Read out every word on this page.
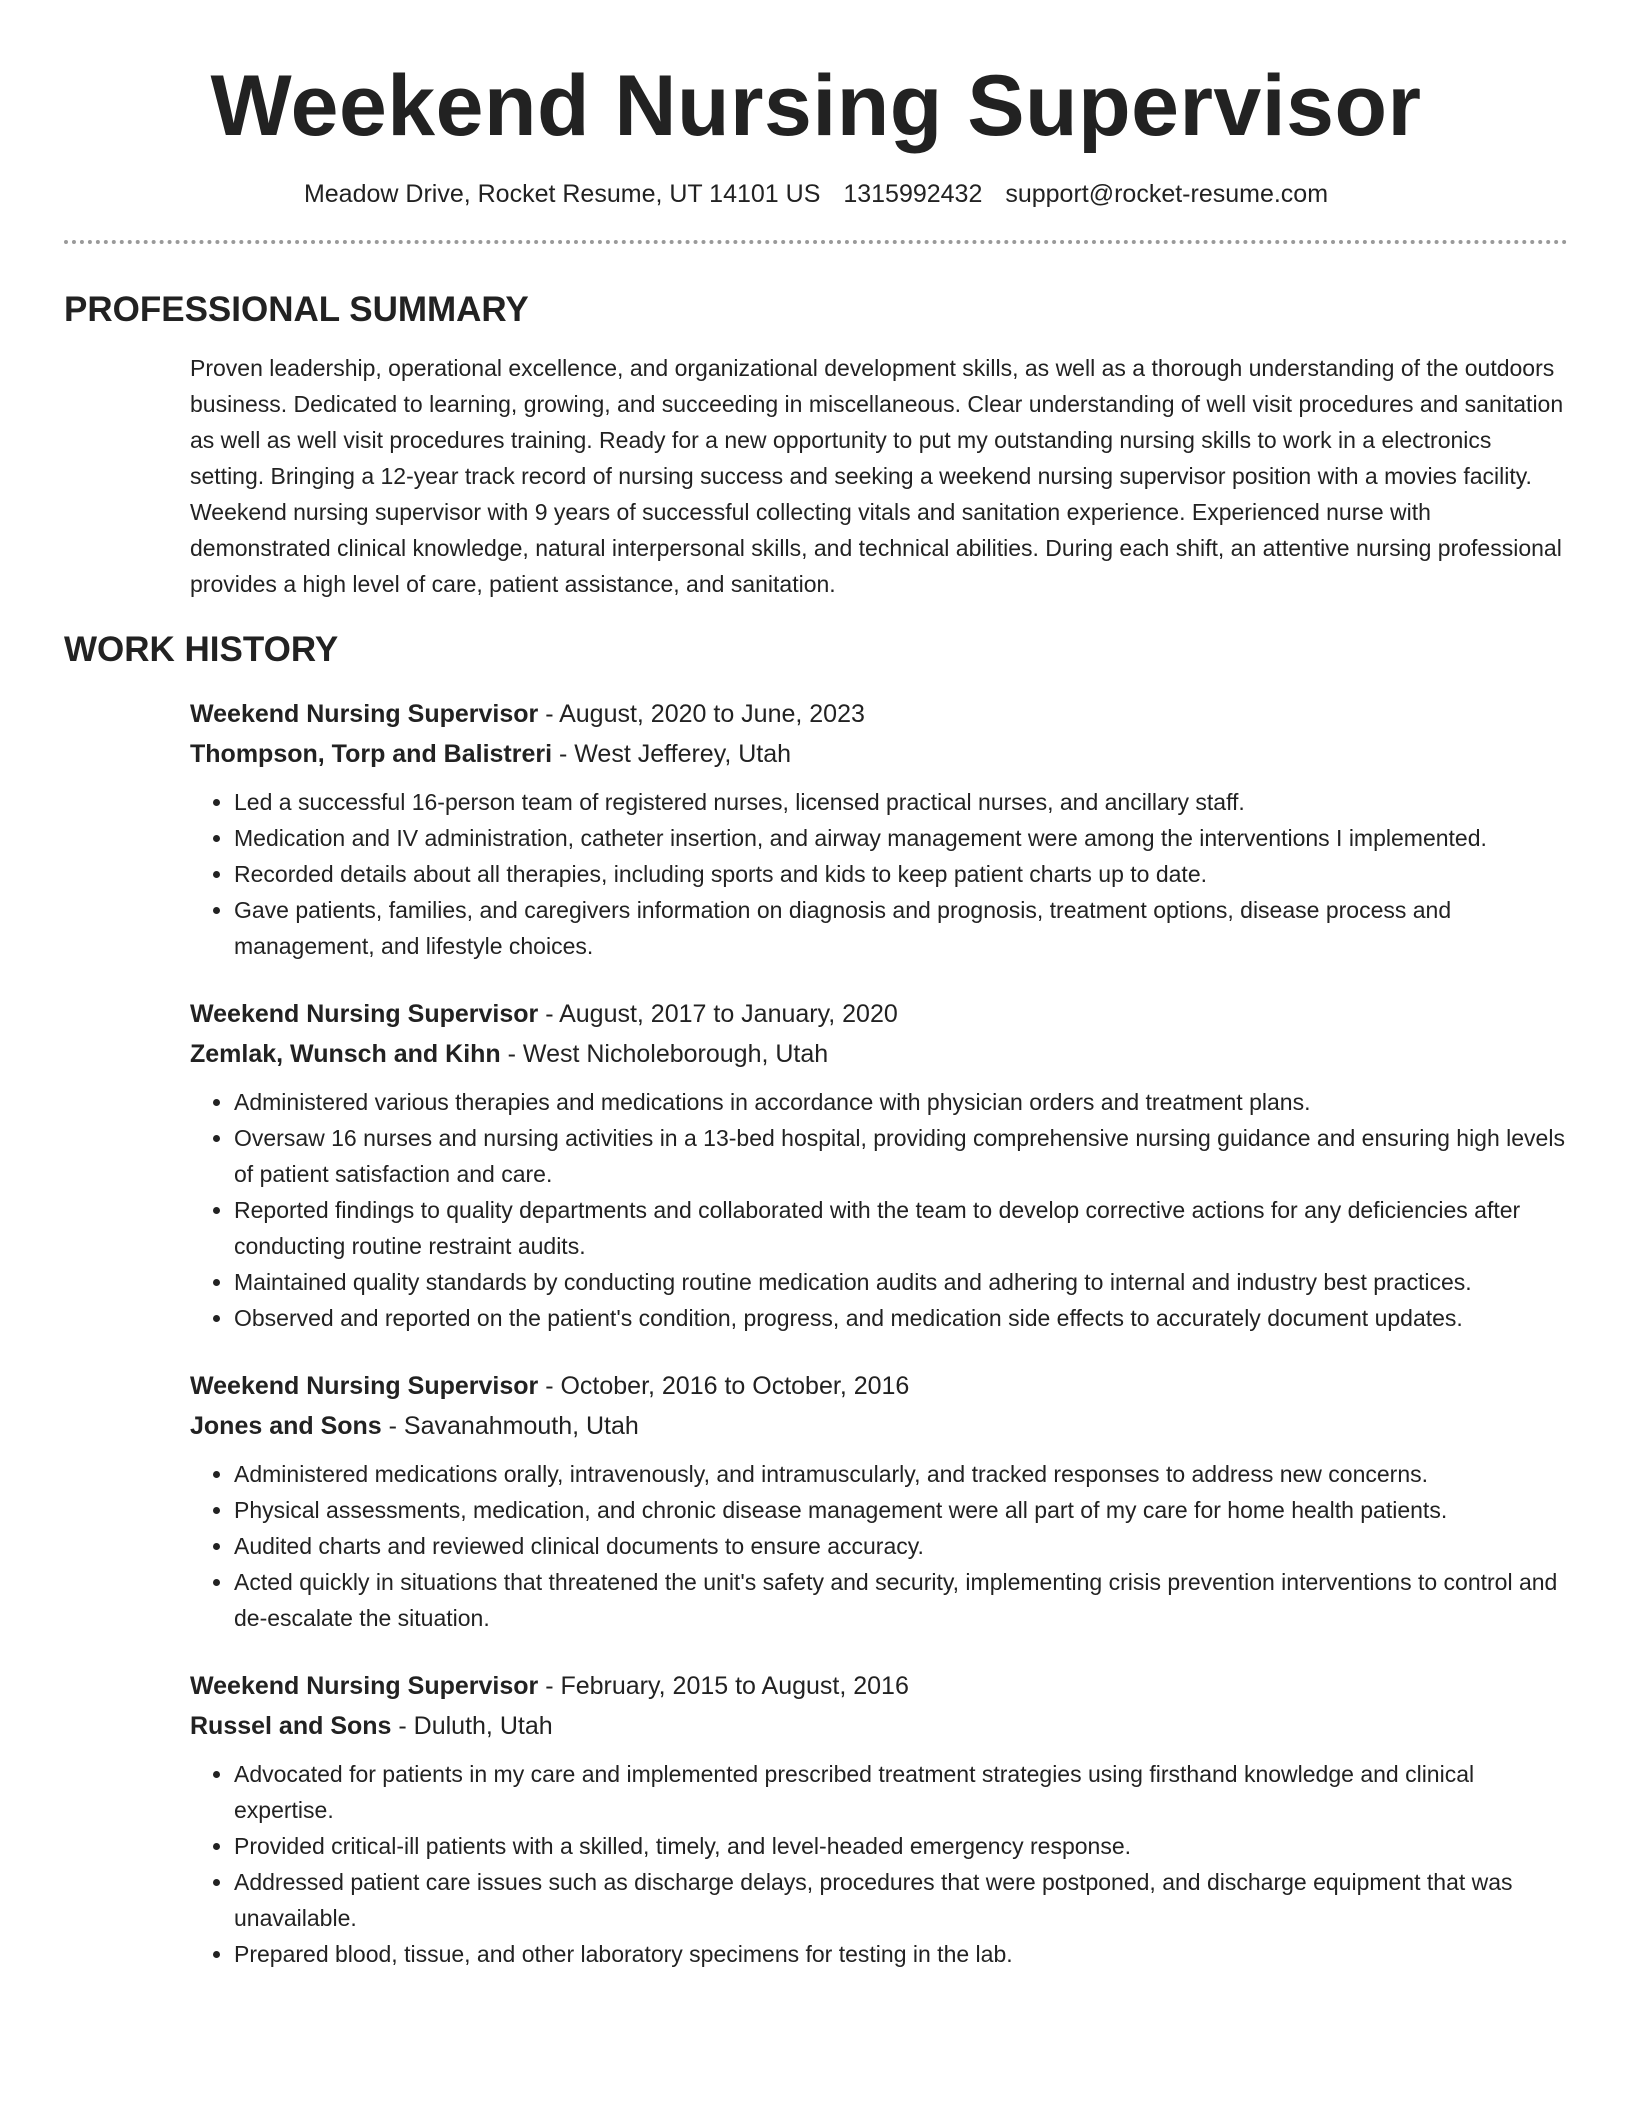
Weekend Nursing Supervisor
Meadow Drive, Rocket Resume, UT 14101 US 1315992432 support@rocket-resume.com
PROFESSIONAL SUMMARY

Proven leadership, operational excellence, and organizational development skills, as well as a thorough understanding of the outdoors business. Dedicated to learning, growing, and succeeding in miscellaneous. Clear understanding of well visit procedures and sanitation as well as well visit procedures training. Ready for a new opportunity to put my outstanding nursing skills to work in a electronics setting. Bringing a 12-year track record of nursing success and seeking a weekend nursing supervisor position with a movies facility. Weekend nursing supervisor with 9 years of successful collecting vitals and sanitation experience. Experienced nurse with demonstrated clinical knowledge, natural interpersonal skills, and technical abilities. During each shift, an attentive nursing professional provides a high level of care, patient assistance, and sanitation.

WORK HISTORY
Weekend Nursing Supervisor - August, 2020 to June, 2023
Thompson, Torp and Balistreri - West Jefferey, Utah
• Led a successful 16-person team of registered nurses, licensed practical nurses, and ancillary staff.
• Medication and IV administration, catheter insertion, and airway management were among the interventions I implemented.
• Recorded details about all therapies, including sports and kids to keep patient charts up to date.
• Gave patients, families, and caregivers information on diagnosis and prognosis, treatment options, disease process and management, and lifestyle choices.
Weekend Nursing Supervisor - August, 2017 to January, 2020
Zemlak, Wunsch and Kihn - West Nicholeborough, Utah
• Administered various therapies and medications in accordance with physician orders and treatment plans.
• Oversaw 16 nurses and nursing activities in a 13-bed hospital, providing comprehensive nursing guidance and ensuring high levels of patient satisfaction and care.
• Reported findings to quality departments and collaborated with the team to develop corrective actions for any deficiencies after conducting routine restraint audits.
• Maintained quality standards by conducting routine medication audits and adhering to internal and industry best practices.
• Observed and reported on the patient's condition, progress, and medication side effects to accurately document updates.
Weekend Nursing Supervisor - October, 2016 to October, 2016
Jones and Sons - Savanahmouth, Utah
• Administered medications orally, intravenously, and intramuscularly, and tracked responses to address new concerns.
• Physical assessments, medication, and chronic disease management were all part of my care for home health patients.
• Audited charts and reviewed clinical documents to ensure accuracy.
• Acted quickly in situations that threatened the unit's safety and security, implementing crisis prevention interventions to control and de-escalate the situation.
Weekend Nursing Supervisor - February, 2015 to August, 2016
Russel and Sons - Duluth, Utah
• Advocated for patients in my care and implemented prescribed treatment strategies using firsthand knowledge and clinical expertise.
• Provided critical-ill patients with a skilled, timely, and level-headed emergency response.
• Addressed patient care issues such as discharge delays, procedures that were postponed, and discharge equipment that was unavailable.
• Prepared blood, tissue, and other laboratory specimens for testing in the lab.
